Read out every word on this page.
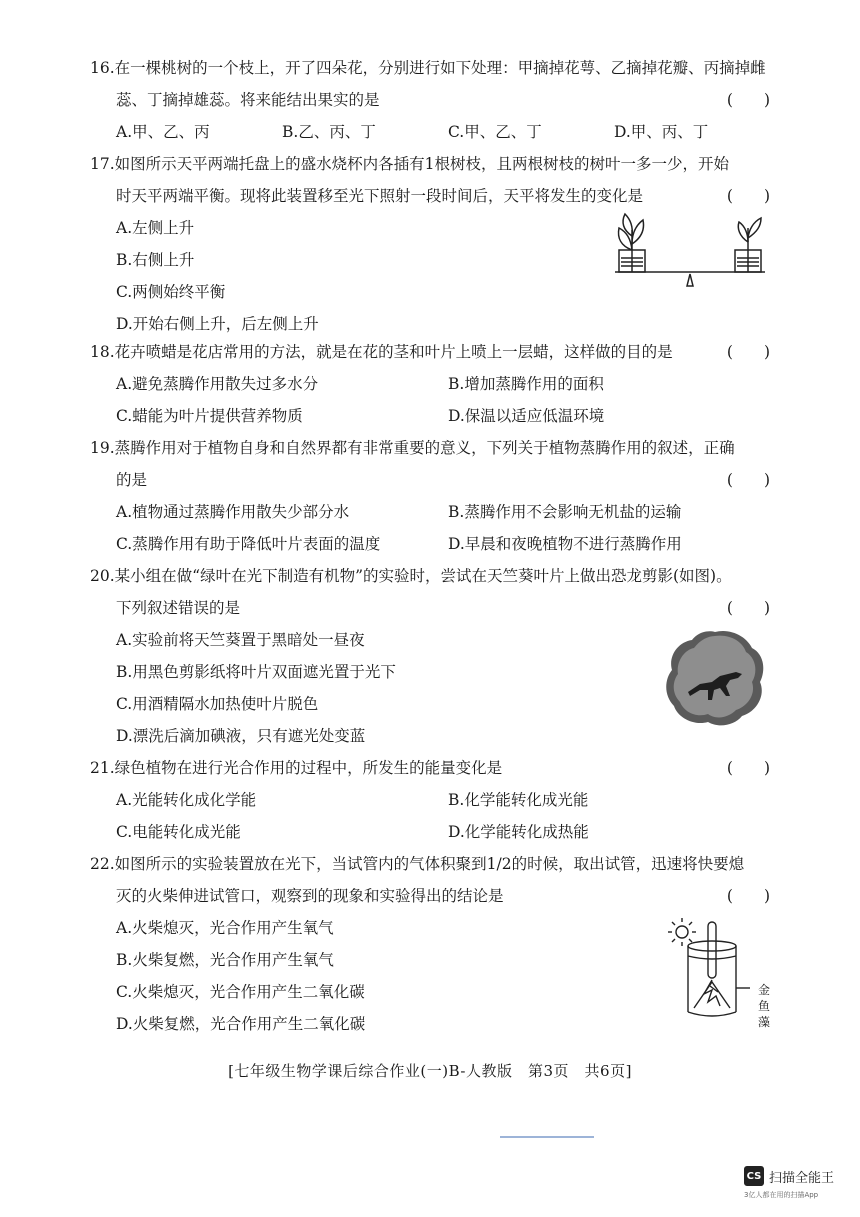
16.在一棵桃树的一个枝上，开了四朵花，分别进行如下处理：甲摘掉花萼、乙摘掉花瓣、丙摘掉雌
蕊、丁摘掉雄蕊。将来能结出果实的是	(　　)
A.甲、乙、丙	B.乙、丙、丁	C.甲、乙、丁	D.甲、丙、丁
17.如图所示天平两端托盘上的盛水烧杯内各插有1根树枝，且两根树枝的树叶一多一少，开始
时天平两端平衡。现将此装置移至光下照射一段时间后，天平将发生的变化是	(　　)
A.左侧上升
B.右侧上升
C.两侧始终平衡
D.开始右侧上升，后左侧上升
18.花卉喷蜡是花店常用的方法，就是在花的茎和叶片上喷上一层蜡，这样做的目的是	(　　)
A.避免蒸腾作用散失过多水分	B.增加蒸腾作用的面积
C.蜡能为叶片提供营养物质	D.保温以适应低温环境
19.蒸腾作用对于植物自身和自然界都有非常重要的意义，下列关于植物蒸腾作用的叙述，正确
的是	(　　)
A.植物通过蒸腾作用散失少部分水	B.蒸腾作用不会影响无机盐的运输
C.蒸腾作用有助于降低叶片表面的温度	D.早晨和夜晚植物不进行蒸腾作用
20.某小组在做“绿叶在光下制造有机物”的实验时，尝试在天竺葵叶片上做出恐龙剪影(如图)。
下列叙述错误的是	(　　)
A.实验前将天竺葵置于黑暗处一昼夜
B.用黑色剪影纸将叶片双面遮光置于光下
C.用酒精隔水加热使叶片脱色
D.漂洗后滴加碘液，只有遮光处变蓝
21.绿色植物在进行光合作用的过程中，所发生的能量变化是	(　　)
A.光能转化成化学能	B.化学能转化成光能
C.电能转化成光能	D.化学能转化成热能
22.如图所示的实验装置放在光下，当试管内的气体积聚到1/2的时候，取出试管，迅速将快要熄
灭的火柴伸进试管口，观察到的现象和实验得出的结论是	(　　)
A.火柴熄灭，光合作用产生氧气
B.火柴复燃，光合作用产生氧气
C.火柴熄灭，光合作用产生二氧化碳
D.火柴复燃，光合作用产生二氧化碳
金
鱼
藻
[七年级生物学课后综合作业(一)B-人教版　第3页　共6页]
CS 扫描全能王
3亿人都在用的扫描App
